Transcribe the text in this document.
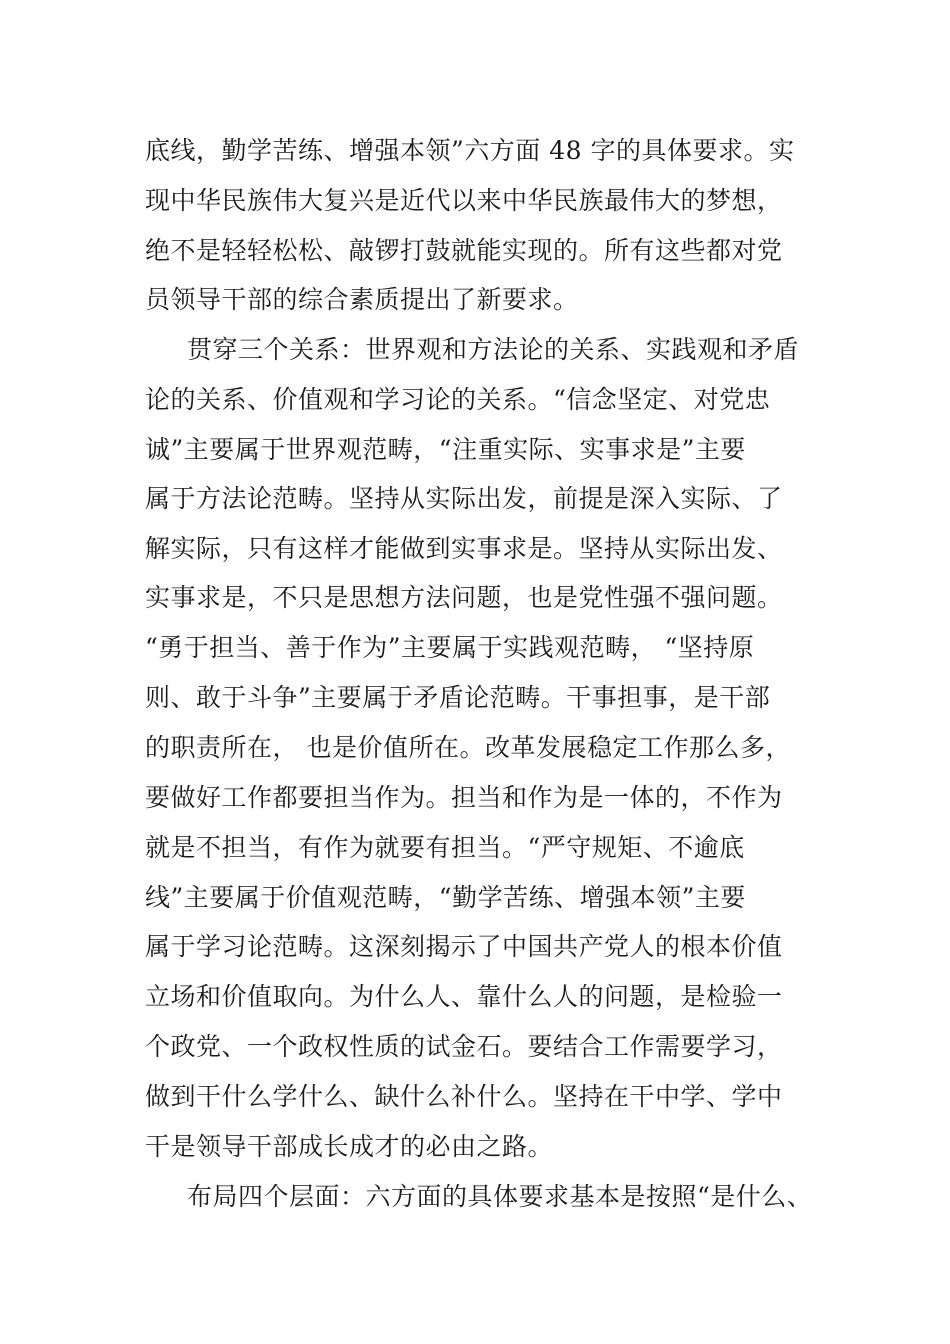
底线，勤学苦练、增强本领”六方面 48 字的具体要求。实
现中华民族伟大复兴是近代以来中华民族最伟大的梦想，
绝不是轻轻松松、敲锣打鼓就能实现的。所有这些都对党
员领导干部的综合素质提出了新要求。
贯穿三个关系：世界观和方法论的关系、实践观和矛盾
论的关系、价值观和学习论的关系。“信念坚定、对党忠
诚”主要属于世界观范畴，“注重实际、实事求是”主要
属于方法论范畴。坚持从实际出发，前提是深入实际、了
解实际，只有这样才能做到实事求是。坚持从实际出发、
实事求是，不只是思想方法问题，也是党性强不强问题。
“勇于担当、善于作为”主要属于实践观范畴， “坚持原
则、敢于斗争”主要属于矛盾论范畴。干事担事，是干部
的职责所在， 也是价值所在。改革发展稳定工作那么多，
要做好工作都要担当作为。担当和作为是一体的，不作为
就是不担当，有作为就要有担当。“严守规矩、不逾底
线”主要属于价值观范畴，“勤学苦练、增强本领”主要
属于学习论范畴。这深刻揭示了中国共产党人的根本价值
立场和价值取向。为什么人、靠什么人的问题，是检验一
个政党、一个政权性质的试金石。要结合工作需要学习，
做到干什么学什么、缺什么补什么。坚持在干中学、学中
干是领导干部成长成才的必由之路。
布局四个层面：六方面的具体要求基本是按照“是什么、
